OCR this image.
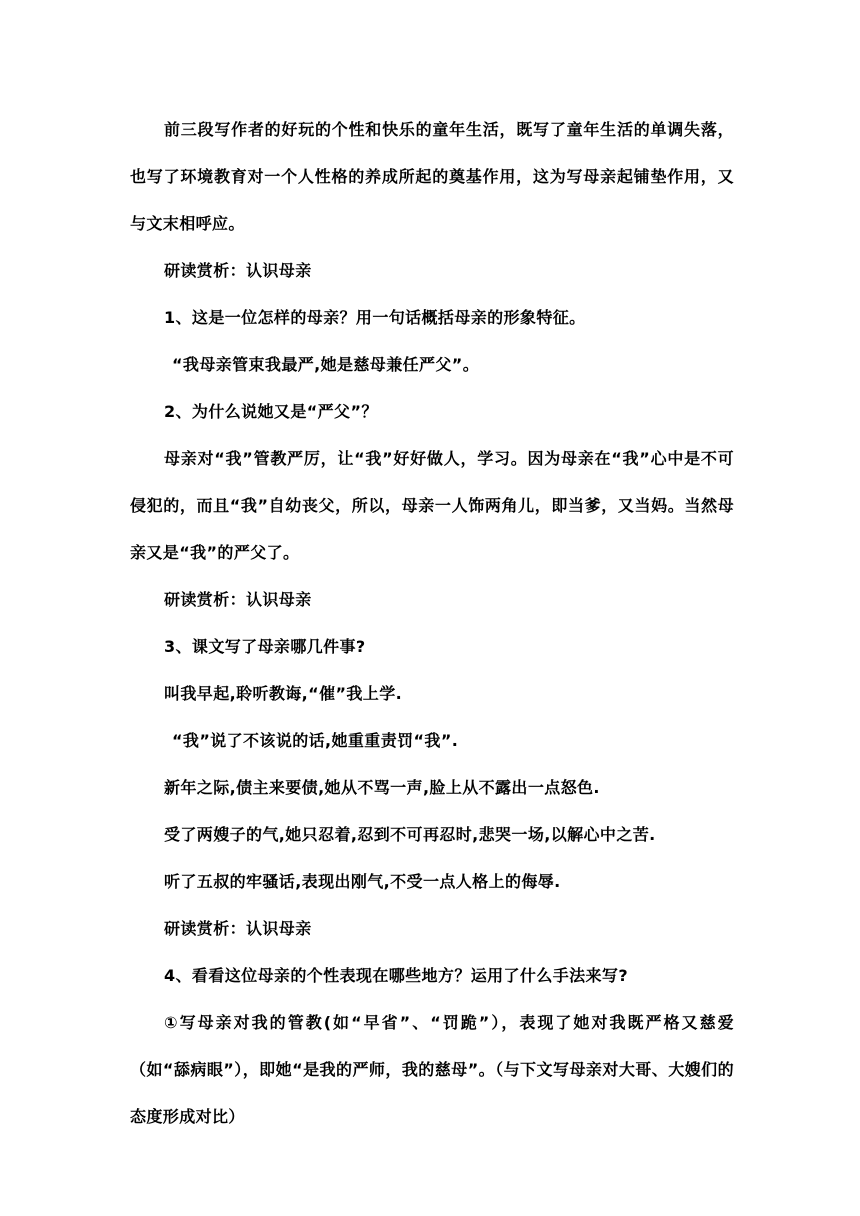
前三段写作者的好玩的个性和快乐的童年生活，既写了童年生活的单调失落，也写了环境教育对一个人性格的养成所起的奠基作用，这为写母亲起铺垫作用，又与文末相呼应。

研读赏析：认识母亲

1、这是一位怎样的母亲？用一句话概括母亲的形象特征。

“我母亲管束我最严,她是慈母兼任严父”。

2、为什么说她又是“严父”？

母亲对“我”管教严厉，让“我”好好做人，学习。因为母亲在“我”心中是不可侵犯的，而且“我”自幼丧父，所以，母亲一人饰两角儿，即当爹，又当妈。当然母亲又是“我”的严父了。

研读赏析：认识母亲

3、课文写了母亲哪几件事?

叫我早起,聆听教诲,“催”我上学.

“我”说了不该说的话,她重重责罚“我”.

新年之际,债主来要债,她从不骂一声,脸上从不露出一点怒色.

受了两嫂子的气,她只忍着,忍到不可再忍时,悲哭一场,以解心中之苦.

听了五叔的牢骚话,表现出刚气,不受一点人格上的侮辱.

研读赏析：认识母亲

4、看看这位母亲的个性表现在哪些地方？运用了什么手法来写?

①写母亲对我的管教(如“早省”、“罚跪”），表现了她对我既严格又慈爱（如“舔病眼”），即她“是我的严师，我的慈母”。（与下文写母亲对大哥、大嫂们的态度形成对比）
